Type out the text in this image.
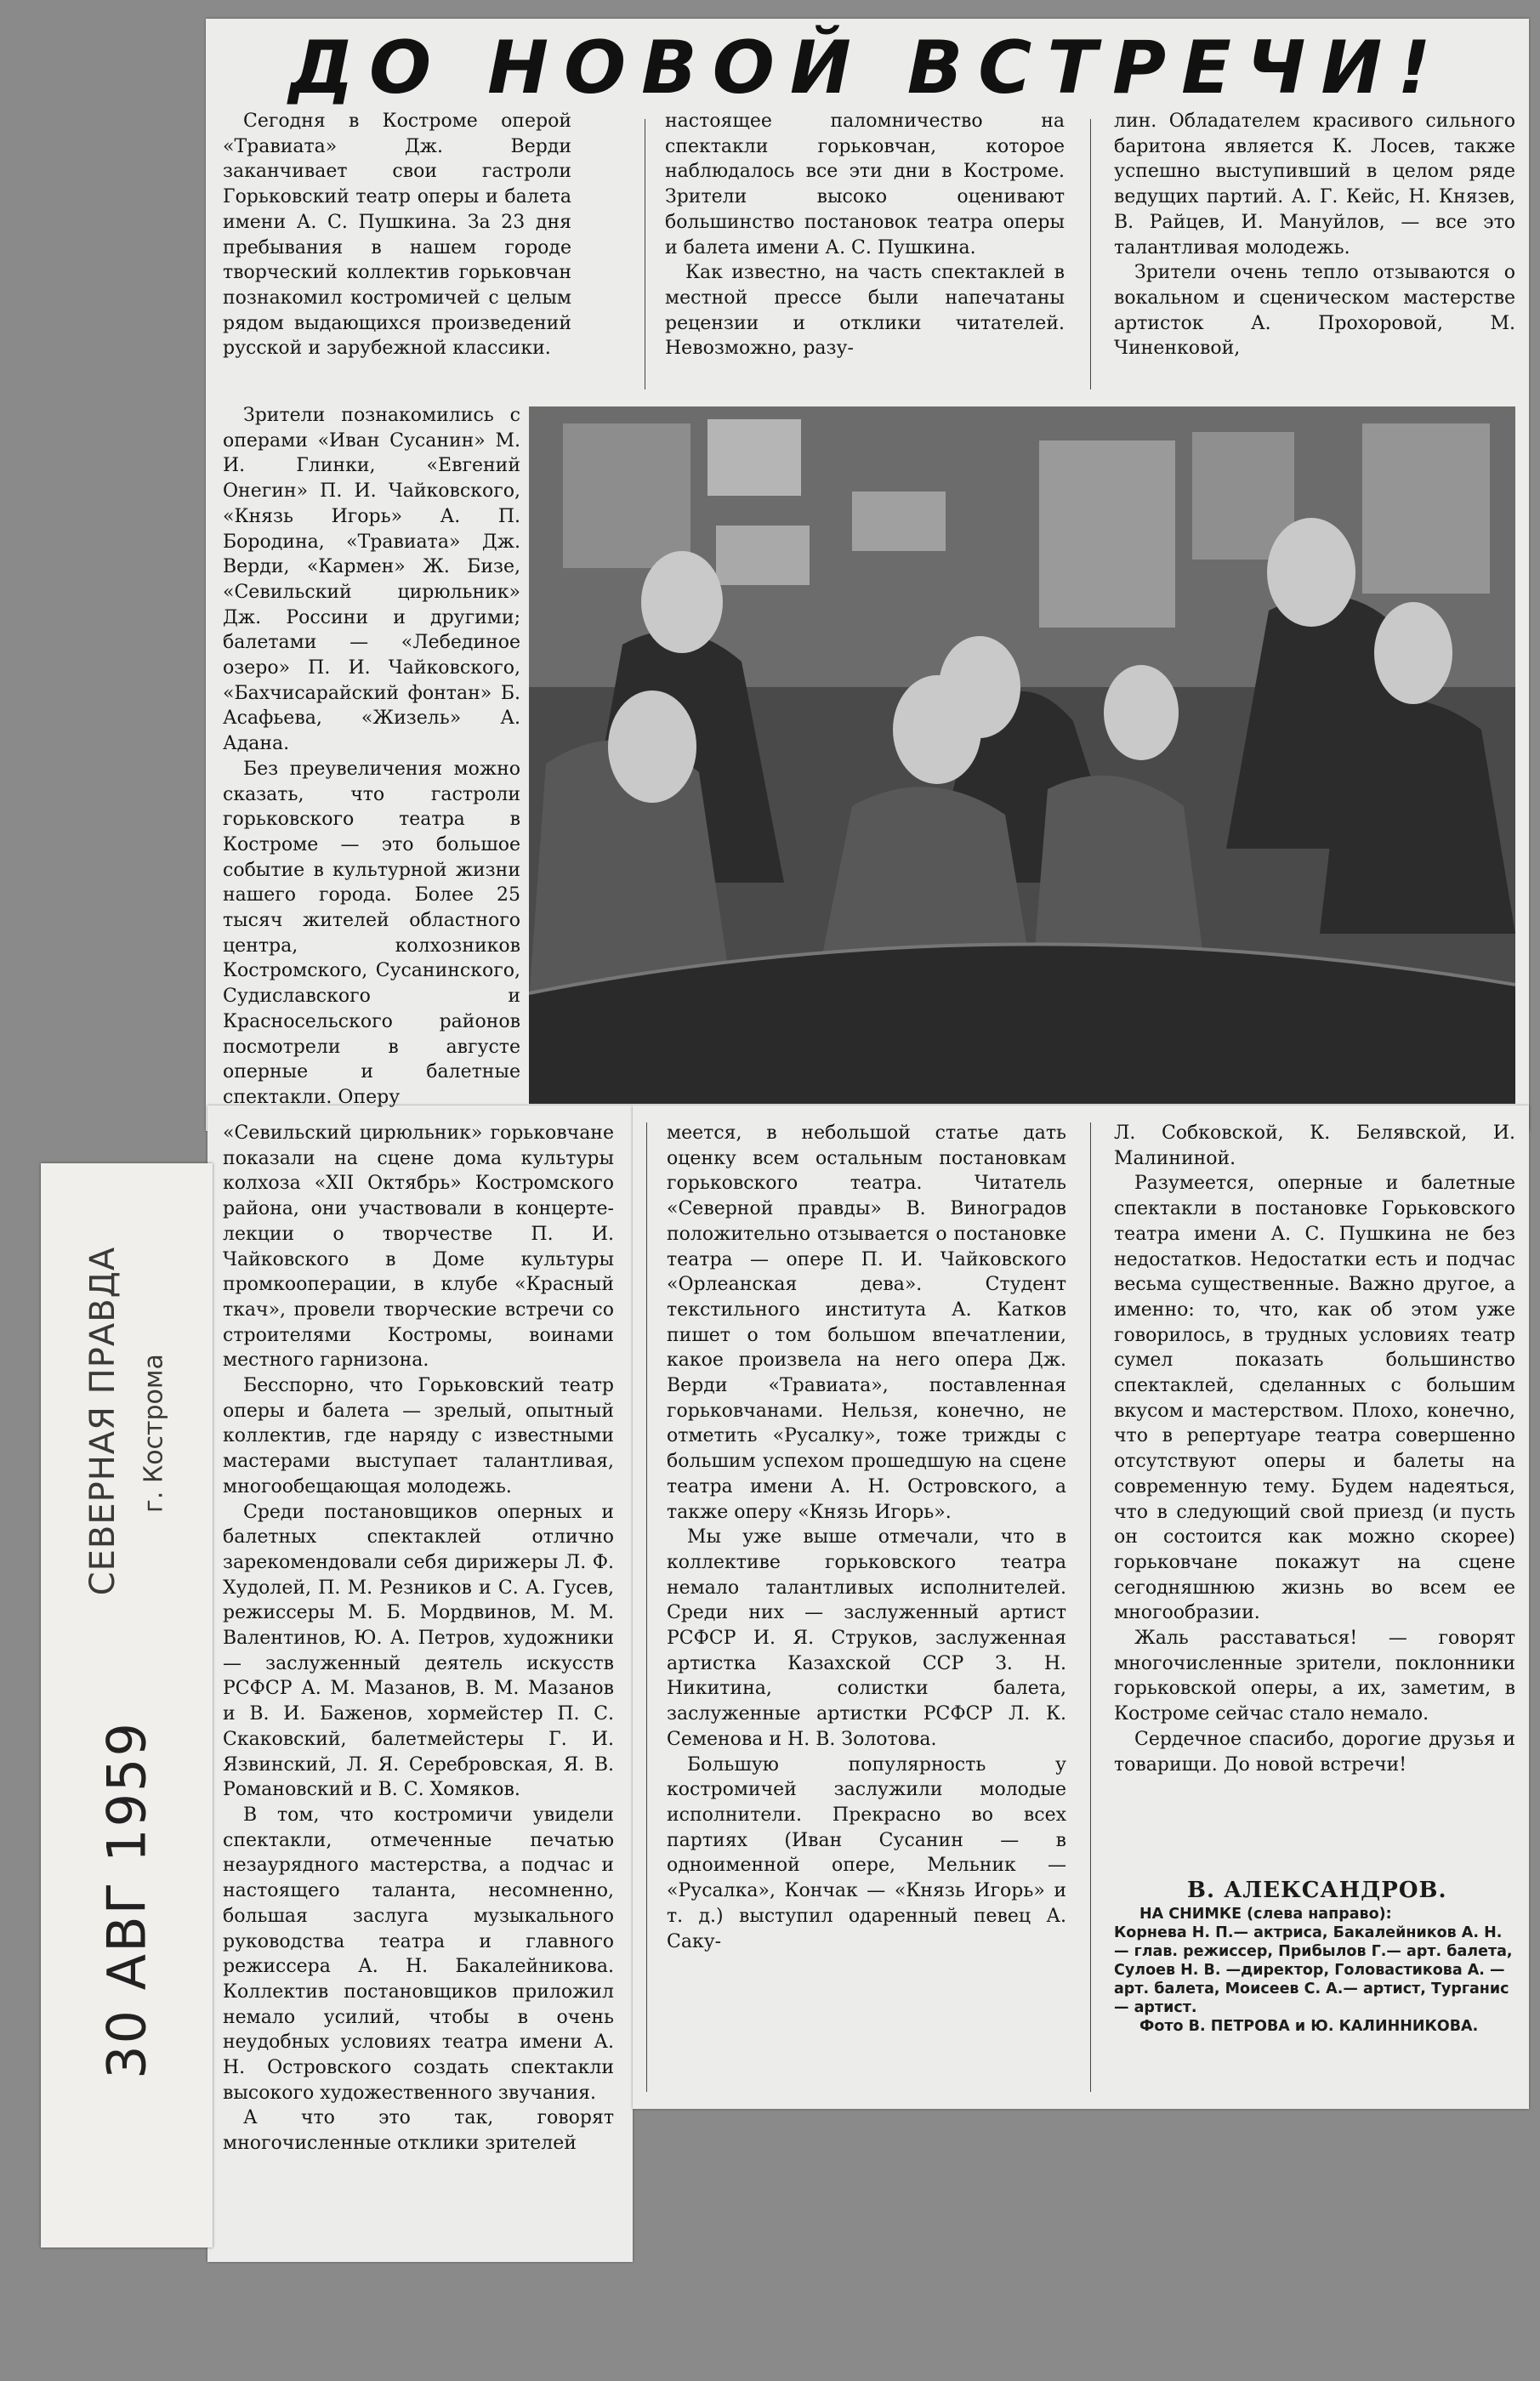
СЕВЕРНАЯ ПРАВДА г. Кострома
30 АВГ 1959
ДО НОВОЙ ВСТРЕЧИ!

Сегодня в Костроме оперой «Травиата» Дж. Верди заканчивает свои гастроли Горьковский театр оперы и балета имени А. С. Пушкина. За 23 дня пребывания в нашем городе творческий коллектив горьковчан познакомил костромичей с целым рядом выдающихся произведений русской и зарубежной классики.

настоящее паломничество на спектакли горьковчан, которое наблюдалось все эти дни в Костроме. Зрители высоко оценивают большинство постановок театра оперы и балета имени А. С. Пушкина.

Как известно, на часть спектаклей в местной прессе были напечатаны рецензии и отклики читателей. Невозможно, разу-

лин. Обладателем красивого сильного баритона является К. Лосев, также успешно выступивший в целом ряде ведущих партий. А. Г. Кейс, Н. Князев, В. Райцев, И. Мануйлов, — все это талантливая молодежь.

Зрители очень тепло отзываются о вокальном и сценическом мастерстве артисток А. Прохоровой, М. Чиненковой,

Зрители познакомились с операми «Иван Сусанин» М. И. Глинки, «Евгений Онегин» П. И. Чайковского, «Князь Игорь» А. П. Бородина, «Травиата» Дж. Верди, «Кармен» Ж. Бизе, «Севильский цирюльник» Дж. Россини и другими; балетами — «Лебединое озеро» П. И. Чайковского, «Бахчисарайский фонтан» Б. Асафьева, «Жизель» А. Адана.

Без преувеличения можно сказать, что гастроли горьковского театра в Костроме — это большое событие в культурной жизни нашего города. Более 25 тысяч жителей областного центра, колхозников Костромского, Сусанинского, Судиславского и Красносельского районов посмотрели в августе оперные и балетные спектакли. Оперу

«Севильский цирюльник» горьковчане показали на сцене дома культуры колхоза «XII Октябрь» Костромского района, они участвовали в концерте-лекции о творчестве П. И. Чайковского в Доме культуры промкооперации, в клубе «Красный ткач», провели творческие встречи со строителями Костромы, воинами местного гарнизона.

Бесспорно, что Горьковский театр оперы и балета — зрелый, опытный коллектив, где наряду с известными мастерами выступает талантливая, многообещающая молодежь.

Среди постановщиков оперных и балетных спектаклей отлично зарекомендовали себя дирижеры Л. Ф. Худолей, П. М. Резников и С. А. Гусев, режиссеры М. Б. Мордвинов, М. М. Валентинов, Ю. А. Петров, художники — заслуженный деятель искусств РСФСР А. М. Мазанов, В. М. Мазанов и В. И. Баженов, хормейстер П. С. Скаковский, балетмейстеры Г. И. Язвинский, Л. Я. Серебровская, Я. В. Романовский и В. С. Хомяков.

В том, что костромичи увидели спектакли, отмеченные печатью незаурядного мастерства, а подчас и настоящего таланта, несомненно, большая заслуга музыкального руководства театра и главного режиссера А. Н. Бакалейникова. Коллектив постановщиков приложил немало усилий, чтобы в очень неудобных условиях театра имени А. Н. Островского создать спектакли высокого художественного звучания.

А что это так, говорят многочисленные отклики зрителей

меется, в небольшой статье дать оценку всем остальным постановкам горьковского театра. Читатель «Северной правды» В. Виноградов положительно отзывается о постановке театра — опере П. И. Чайковского «Орлеанская дева». Студент текстильного института А. Катков пишет о том большом впечатлении, какое произвела на него опера Дж. Верди «Травиата», поставленная горьковчанами. Нельзя, конечно, не отметить «Русалку», тоже трижды с большим успехом прошедшую на сцене театра имени А. Н. Островского, а также оперу «Князь Игорь».

Мы уже выше отмечали, что в коллективе горьковского театра немало талантливых исполнителей. Среди них — заслуженный артист РСФСР И. Я. Струков, заслуженная артистка Казахской ССР З. Н. Никитина, солистки балета, заслуженные артистки РСФСР Л. К. Семенова и Н. В. Золотова.

Большую популярность у костромичей заслужили молодые исполнители. Прекрасно во всех партиях (Иван Сусанин — в одноименной опере, Мельник — «Русалка», Кончак — «Князь Игорь» и т. д.) выступил одаренный певец А. Саку-

Л. Собковской, К. Белявской, И. Малининой.

Разумеется, оперные и балетные спектакли в постановке Горьковского театра имени А. С. Пушкина не без недостатков. Недостатки есть и подчас весьма существенные. Важно другое, а именно: то, что, как об этом уже говорилось, в трудных условиях театр сумел показать большинство спектаклей, сделанных с большим вкусом и мастерством. Плохо, конечно, что в репертуаре театра совершенно отсутствуют оперы и балеты на современную тему. Будем надеяться, что в следующий свой приезд (и пусть он состоится как можно скорее) горьковчане покажут на сцене сегодняшнюю жизнь во всем ее многообразии.

Жаль расставаться! — говорят многочисленные зрители, поклонники горьковской оперы, а их, заметим, в Костроме сейчас стало немало.

Сердечное спасибо, дорогие друзья и товарищи. До новой встречи!

В. АЛЕКСАНДРОВ.

НА СНИМКЕ (слева направо):
Корнева Н. П.— актриса, Бакалейников А. Н.— глав. режиссер, Прибылов Г.— арт. балета, Сулоев Н. В. —директор, Головастикова А. — арт. балета, Моисеев С. А.— артист, Турганис— артист.
Фото В. ПЕТРОВА и Ю. КАЛИННИКОВА.
